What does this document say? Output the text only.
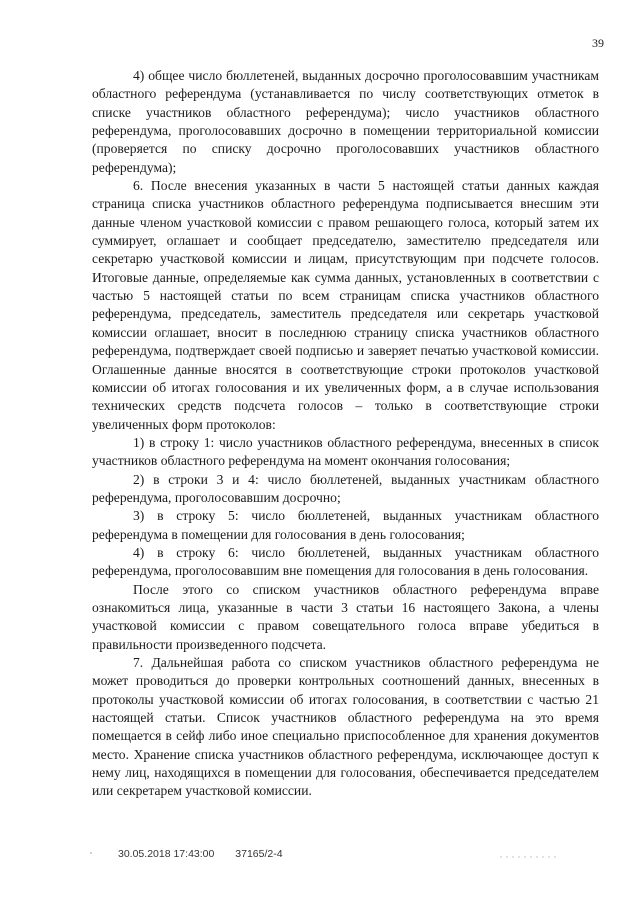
39

4) общее число бюллетеней, выданных досрочно проголосовавшим участникам областного референдума (устанавливается по числу соответствующих отметок в списке участников областного референдума); число участников областного референдума, проголосовавших досрочно в помещении территориальной комиссии (проверяется по списку досрочно проголосовавших участников областного референдума);

6. После внесения указанных в части 5 настоящей статьи данных каждая страница списка участников областного референдума подписывается внесшим эти данные членом участковой комиссии с правом решающего голоса, который затем их суммирует, оглашает и сообщает председателю, заместителю председателя или секретарю участковой комиссии и лицам, присутствующим при подсчете голосов. Итоговые данные, определяемые как сумма данных, установленных в соответствии с частью 5 настоящей статьи по всем страницам списка участников областного референдума, председатель, заместитель председателя или секретарь участковой комиссии оглашает, вносит в последнюю страницу списка участников областного референдума, подтверждает своей подписью и заверяет печатью участковой комиссии. Оглашенные данные вносятся в соответствующие строки протоколов участковой комиссии об итогах голосования и их увеличенных форм, а в случае использования технических средств подсчета голосов – только в соответствующие строки увеличенных форм протоколов:

1) в строку 1: число участников областного референдума, внесенных в список участников областного референдума на момент окончания голосования;

2) в строки 3 и 4: число бюллетеней, выданных участникам областного референдума, проголосовавшим досрочно;

3) в строку 5: число бюллетеней, выданных участникам областного референдума в помещении для голосования в день голосования;

4) в строку 6: число бюллетеней, выданных участникам областного референдума, проголосовавшим вне помещения для голосования в день голосования.

После этого со списком участников областного референдума вправе ознакомиться лица, указанные в части 3 статьи 16 настоящего Закона, а члены участковой комиссии с правом совещательного голоса вправе убедиться в правильности произведенного подсчета.

7. Дальнейшая работа со списком участников областного референдума не может проводиться до проверки контрольных соотношений данных, внесенных в протоколы участковой комиссии об итогах голосования, в соответствии с частью 21 настоящей статьи. Список участников областного референдума на это время помещается в сейф либо иное специально приспособленное для хранения документов место. Хранение списка участников областного референдума, исключающее доступ к нему лиц, находящихся в помещении для голосования, обеспечивается председателем или секретарем участковой комиссии.

30.05.2018 17:43:00 37165/2-4
